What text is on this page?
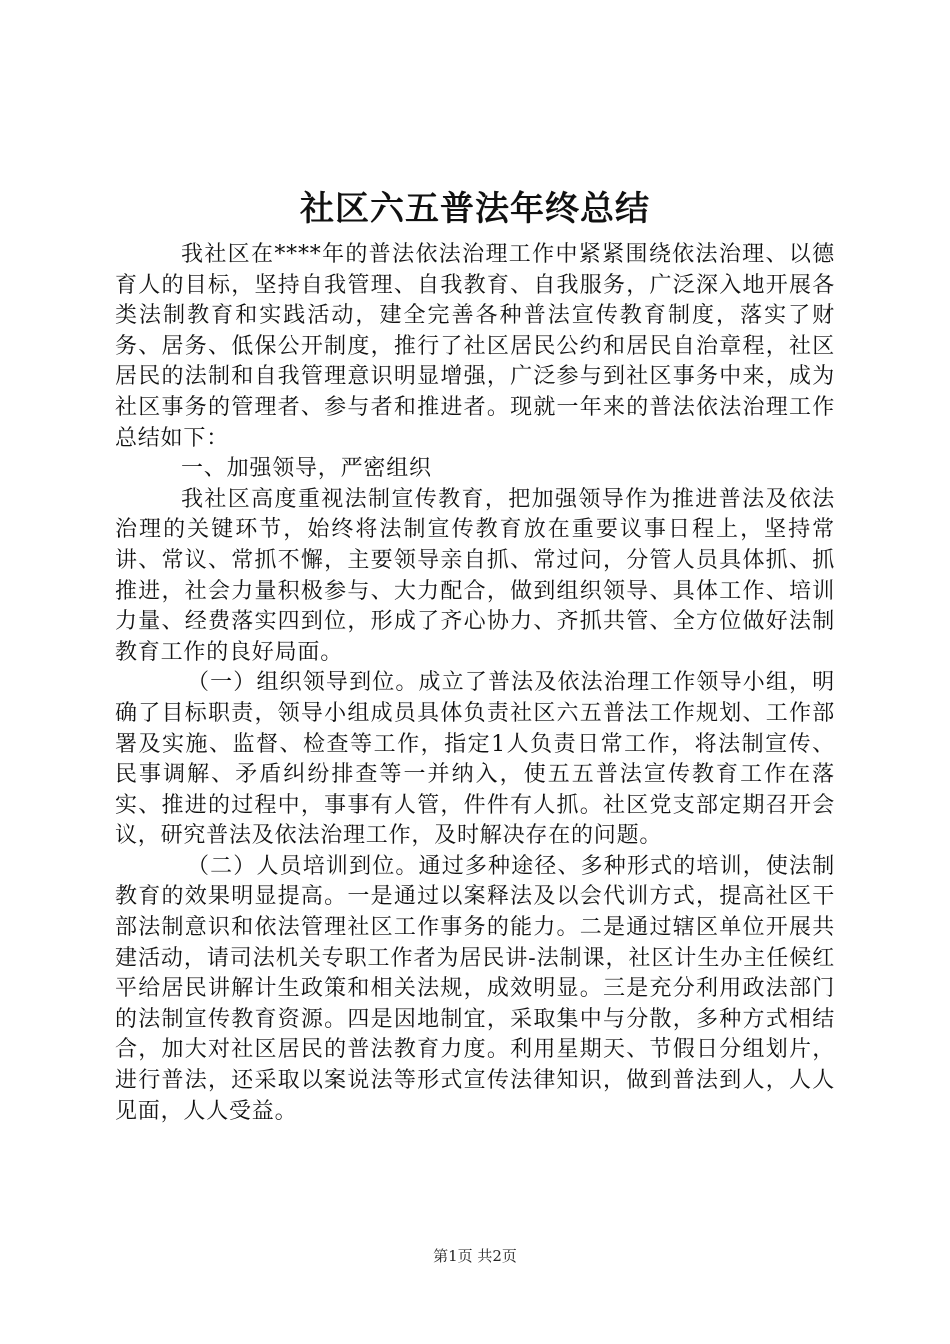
社区六五普法年终总结

我社区在****年的普法依法治理工作中紧紧围绕依法治理、以德育人的目标，坚持自我管理、自我教育、自我服务，广泛深入地开展各类法制教育和实践活动，建全完善各种普法宣传教育制度，落实了财务、居务、低保公开制度，推行了社区居民公约和居民自治章程，社区居民的法制和自我管理意识明显增强，广泛参与到社区事务中来，成为社区事务的管理者、参与者和推进者。现就一年来的普法依法治理工作总结如下：

一、加强领导，严密组织

我社区高度重视法制宣传教育，把加强领导作为推进普法及依法治理的关键环节，始终将法制宣传教育放在重要议事日程上，坚持常讲、常议、常抓不懈，主要领导亲自抓、常过问，分管人员具体抓、抓推进，社会力量积极参与、大力配合，做到组织领导、具体工作、培训力量、经费落实四到位，形成了齐心协力、齐抓共管、全方位做好法制教育工作的良好局面。

（一）组织领导到位。成立了普法及依法治理工作领导小组，明确了目标职责，领导小组成员具体负责社区六五普法工作规划、工作部署及实施、监督、检查等工作，指定1人负责日常工作，将法制宣传、民事调解、矛盾纠纷排查等一并纳入，使五五普法宣传教育工作在落实、推进的过程中，事事有人管，件件有人抓。社区党支部定期召开会议，研究普法及依法治理工作，及时解决存在的问题。

（二）人员培训到位。通过多种途径、多种形式的培训，使法制教育的效果明显提高。一是通过以案释法及以会代训方式，提高社区干部法制意识和依法管理社区工作事务的能力。二是通过辖区单位开展共建活动，请司法机关专职工作者为居民讲-法制课，社区计生办主任候红平给居民讲解计生政策和相关法规，成效明显。三是充分利用政法部门的法制宣传教育资源。四是因地制宜，采取集中与分散，多种方式相结合，加大对社区居民的普法教育力度。利用星期天、节假日分组划片，进行普法，还采取以案说法等形式宣传法律知识，做到普法到人，人人见面，人人受益。

第1页 共2页
